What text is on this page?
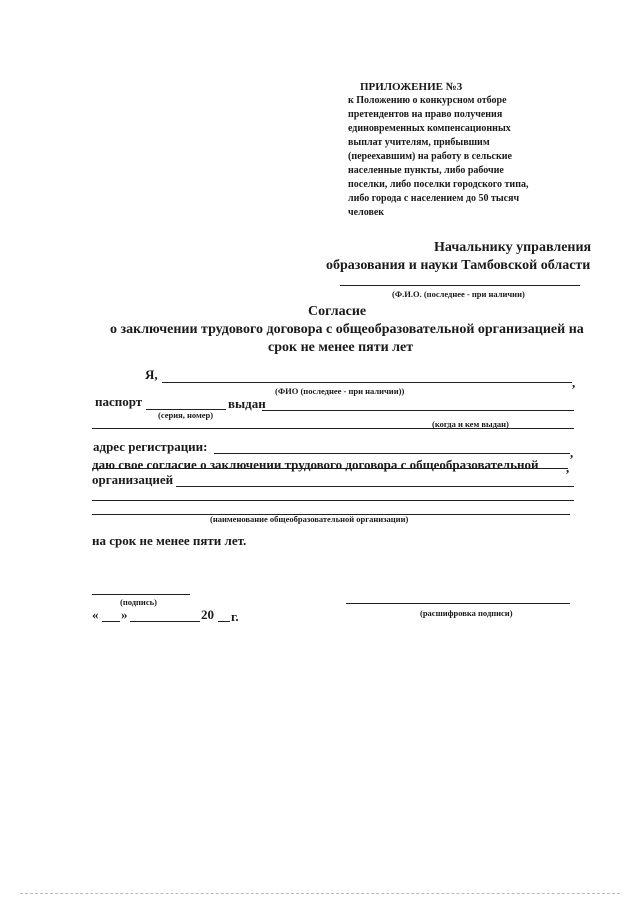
ПРИЛОЖЕНИЕ №3
к Положению о конкурсном отборе
претендентов на право получения
единовременных компенсационных
выплат учителям, прибывшим
(переехавшим) на работу в сельские
населенные пункты, либо рабочие
поселки, либо поселки городского типа,
либо города с населением до 50 тысяч
человек
Начальнику управления
образования и науки Тамбовской области
(Ф.И.О. (последнее - при наличии)
Согласие
о заключении трудового договора с общеобразовательной организацией на
срок не менее пяти лет
Я,
,
(ФИО (последнее - при наличии))
паспорт	выдан
(серия, номер)
(когда и кем выдан)
адрес регистрации:	,
,
даю свое согласие о заключении трудового договора с общеобразовательной
организацией
(наименование общеобразовательной организации)
на срок не менее пяти лет.
(подпись)
« »	20 г.	(расшифровка подписи)
